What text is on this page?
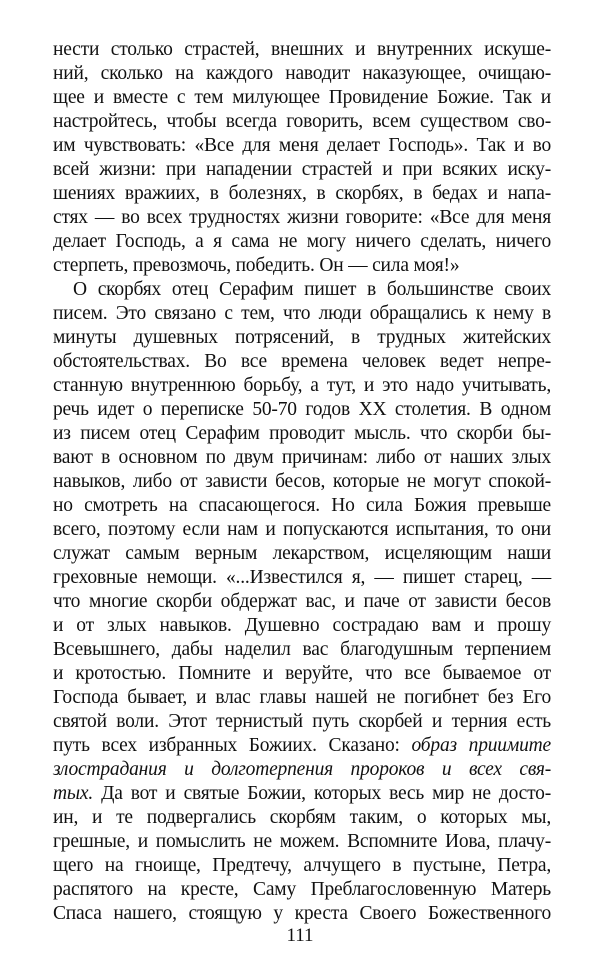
нести столько страстей, внешних и внутренних искуше-
ний, сколько на каждого наводит наказующее, очищаю-
щее и вместе с тем милующее Провидение Божие. Так и
настройтесь, чтобы всегда говорить, всем существом сво-
им чувствовать: «Все для меня делает Господь». Так и во
всей жизни: при нападении страстей и при всяких иску-
шениях вражиих, в болезнях, в скорбях, в бедах и напа-
стях — во всех трудностях жизни говорите: «Все для меня
делает Господь, а я сама не могу ничего сделать, ничего
стерпеть, превозмочь, победить. Он — сила моя!»
О скорбях отец Серафим пишет в большинстве своих
писем. Это связано с тем, что люди обращались к нему в
минуты душевных потрясений, в трудных житейских
обстоятельствах. Во все времена человек ведет непре-
станную внутреннюю борьбу, а тут, и это надо учитывать,
речь идет о переписке 50-70 годов XX столетия. В одном
из писем отец Серафим проводит мысль. что скорби бы-
вают в основном по двум причинам: либо от наших злых
навыков, либо от зависти бесов, которые не могут спокой-
но смотреть на спасающегося. Но сила Божия превыше
всего, поэтому если нам и попускаются испытания, то они
служат самым верным лекарством, исцеляющим наши
греховные немощи. «...Известился я, — пишет старец, —
что многие скорби обдержат вас, и паче от зависти бесов
и от злых навыков. Душевно сострадаю вам и прошу
Всевышнего, дабы наделил вас благодушным терпением
и кротостью. Помните и веруйте, что все бываемое от
Господа бывает, и влас главы нашей не погибнет без Его
святой воли. Этот тернистый путь скорбей и терния есть
путь всех избранных Божиих. Сказано: образ приимите
злострадания и долготерпения пророков и всех свя-
тых. Да вот и святые Божии, которых весь мир не досто-
ин, и те подвергались скорбям таким, о которых мы,
грешные, и помыслить не можем. Вспомните Иова, плачу-
щего на гноище, Предтечу, алчущего в пустыне, Петра,
распятого на кресте, Саму Преблагословенную Матерь
Спаса нашего, стоящую у креста Своего Божественного
111
